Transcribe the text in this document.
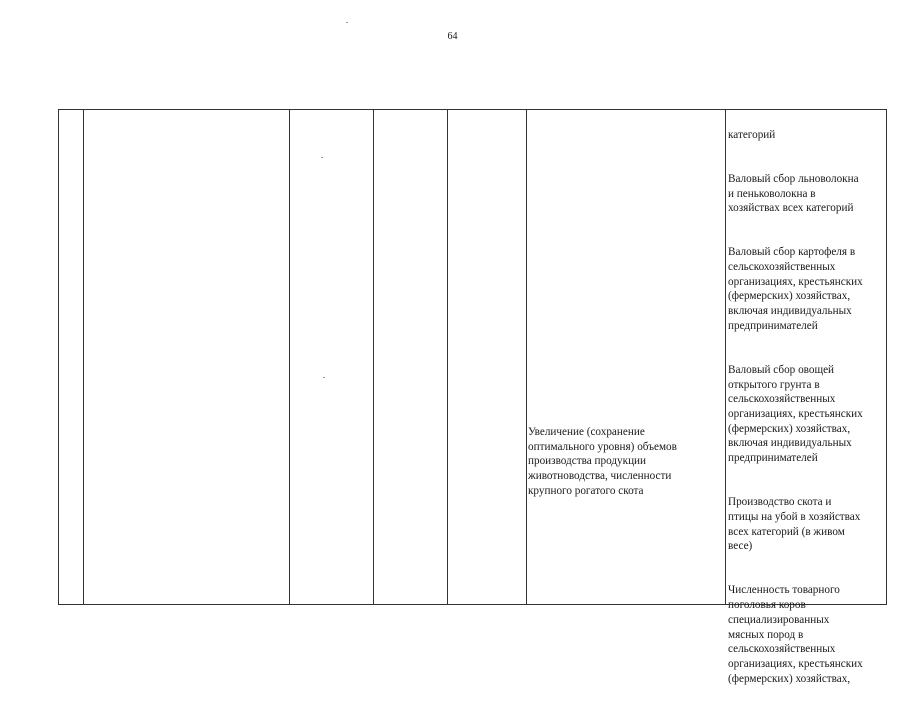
64
Увеличение (сохранение
оптимального уровня) объемов
производства продукции
животноводства, численности
крупного рогатого скота

категорий

Валовый сбор льноволокна
и пеньковолокна в
хозяйствах всех категорий

Валовый сбор картофеля в
сельскохозяйственных
организациях, крестьянских
(фермерских) хозяйствах,
включая индивидуальных
предпринимателей

Валовый сбор овощей
открытого грунта в
сельскохозяйственных
организациях, крестьянских
(фермерских) хозяйствах,
включая индивидуальных
предпринимателей

Производство скота и
птицы на убой в хозяйствах
всех категорий (в живом
весе)

Численность товарного
поголовья коров
специализированных
мясных пород в
сельскохозяйственных
организациях, крестьянских
(фермерских) хозяйствах,
